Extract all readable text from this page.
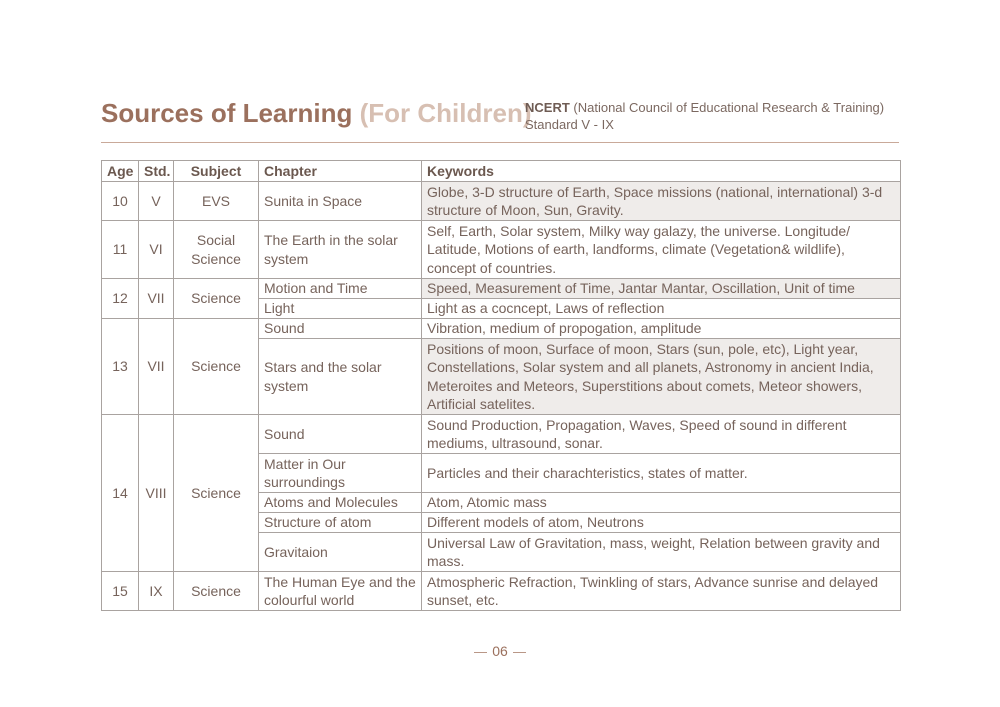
Sources of Learning (For Children)
NCERT (National Council of Educational Research & Training)
Standard V - IX
Age	Std.	Subject	Chapter	Keywords
10	V	EVS	Sunita in Space	Globe, 3-D structure of Earth, Space missions (national, international) 3-d structure of Moon, Sun, Gravity.
11	VI	Social Science	The Earth in the solar system	Self, Earth, Solar system, Milky way galazy, the universe. Longitude/ Latitude, Motions of earth, landforms, climate (Vegetation& wildlife), concept of countries.
12	VII	Science	Motion and Time	Speed, Measurement of Time, Jantar Mantar, Oscillation, Unit of time
			Light	Light as a cocncept, Laws of reflection
13	VII	Science	Sound	Vibration, medium of propogation, amplitude
			Stars and the solar system	Positions of moon, Surface of moon, Stars (sun, pole, etc), Light year, Constellations, Solar system and all planets, Astronomy in ancient India, Meteroites and Meteors, Superstitions about comets, Meteor showers, Artificial satelites.
14	VIII	Science	Sound	Sound Production, Propagation, Waves, Speed of sound in different mediums, ultrasound, sonar.
			Matter in Our surroundings	Particles and their charachteristics, states of matter.
			Atoms and Molecules	Atom, Atomic mass
			Structure of atom	Different models of atom, Neutrons
			Gravitaion	Universal Law of Gravitation, mass, weight, Relation between gravity and mass.
15	IX	Science	The Human Eye and the colourful world	Atmospheric Refraction, Twinkling of stars, Advance sunrise and delayed sunset, etc.
06
